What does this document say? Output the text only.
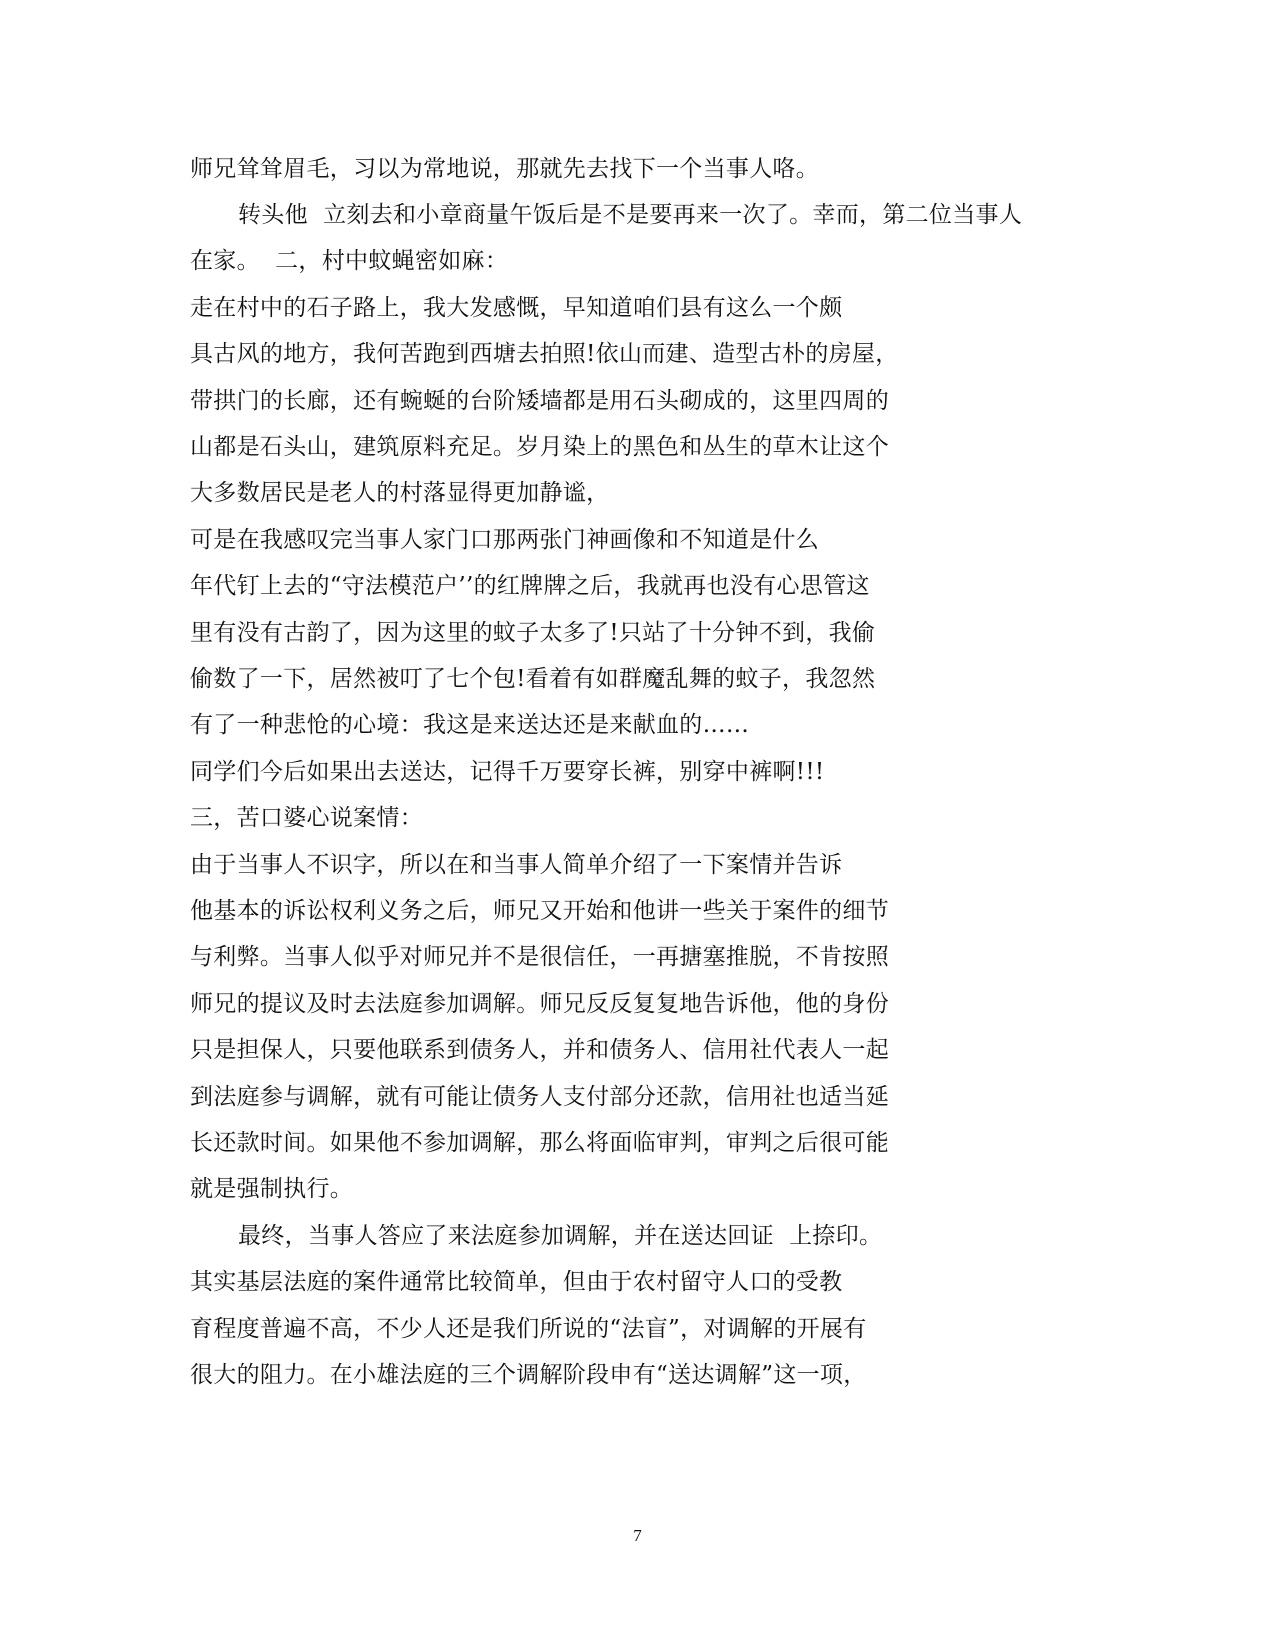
师兄耸耸眉毛，习以为常地说，那就先去找下一个当事人咯。
转头他  立刻去和小章商量午饭后是不是要再来一次了。幸而，第二位当事人
在家。  二，村中蚊蝇密如麻：
走在村中的石子路上，我大发感慨，早知道咱们县有这么一个颇
具古风的地方，我何苦跑到西塘去拍照!依山而建、造型古朴的房屋，
带拱门的长廊，还有蜿蜒的台阶矮墙都是用石头砌成的，这里四周的
山都是石头山，建筑原料充足。岁月染上的黑色和丛生的草木让这个
大多数居民是老人的村落显得更加静谧，
可是在我感叹完当事人家门口那两张门神画像和不知道是什么
年代钉上去的“守法模范户’’的红牌牌之后，我就再也没有心思管这
里有没有古韵了，因为这里的蚊子太多了!只站了十分钟不到，我偷
偷数了一下，居然被叮了七个包!看着有如群魔乱舞的蚊子，我忽然
有了一种悲怆的心境：我这是来送达还是来献血的……
同学们今后如果出去送达，记得千万要穿长裤，别穿中裤啊!!!
三，苦口婆心说案情：
由于当事人不识字，所以在和当事人简单介绍了一下案情并告诉
他基本的诉讼权利义务之后，师兄又开始和他讲一些关于案件的细节
与利弊。当事人似乎对师兄并不是很信任，一再搪塞推脱，不肯按照
师兄的提议及时去法庭参加调解。师兄反反复复地告诉他，他的身份
只是担保人，只要他联系到债务人，并和债务人、信用社代表人一起
到法庭参与调解，就有可能让债务人支付部分还款，信用社也适当延
长还款时间。如果他不参加调解，那么将面临审判，审判之后很可能
就是强制执行。
最终，当事人答应了来法庭参加调解，并在送达回证  上捺印。
其实基层法庭的案件通常比较简单，但由于农村留守人口的受教
育程度普遍不高，不少人还是我们所说的“法盲”，对调解的开展有
很大的阻力。在小雄法庭的三个调解阶段申有“送达调解”这一项，
7
